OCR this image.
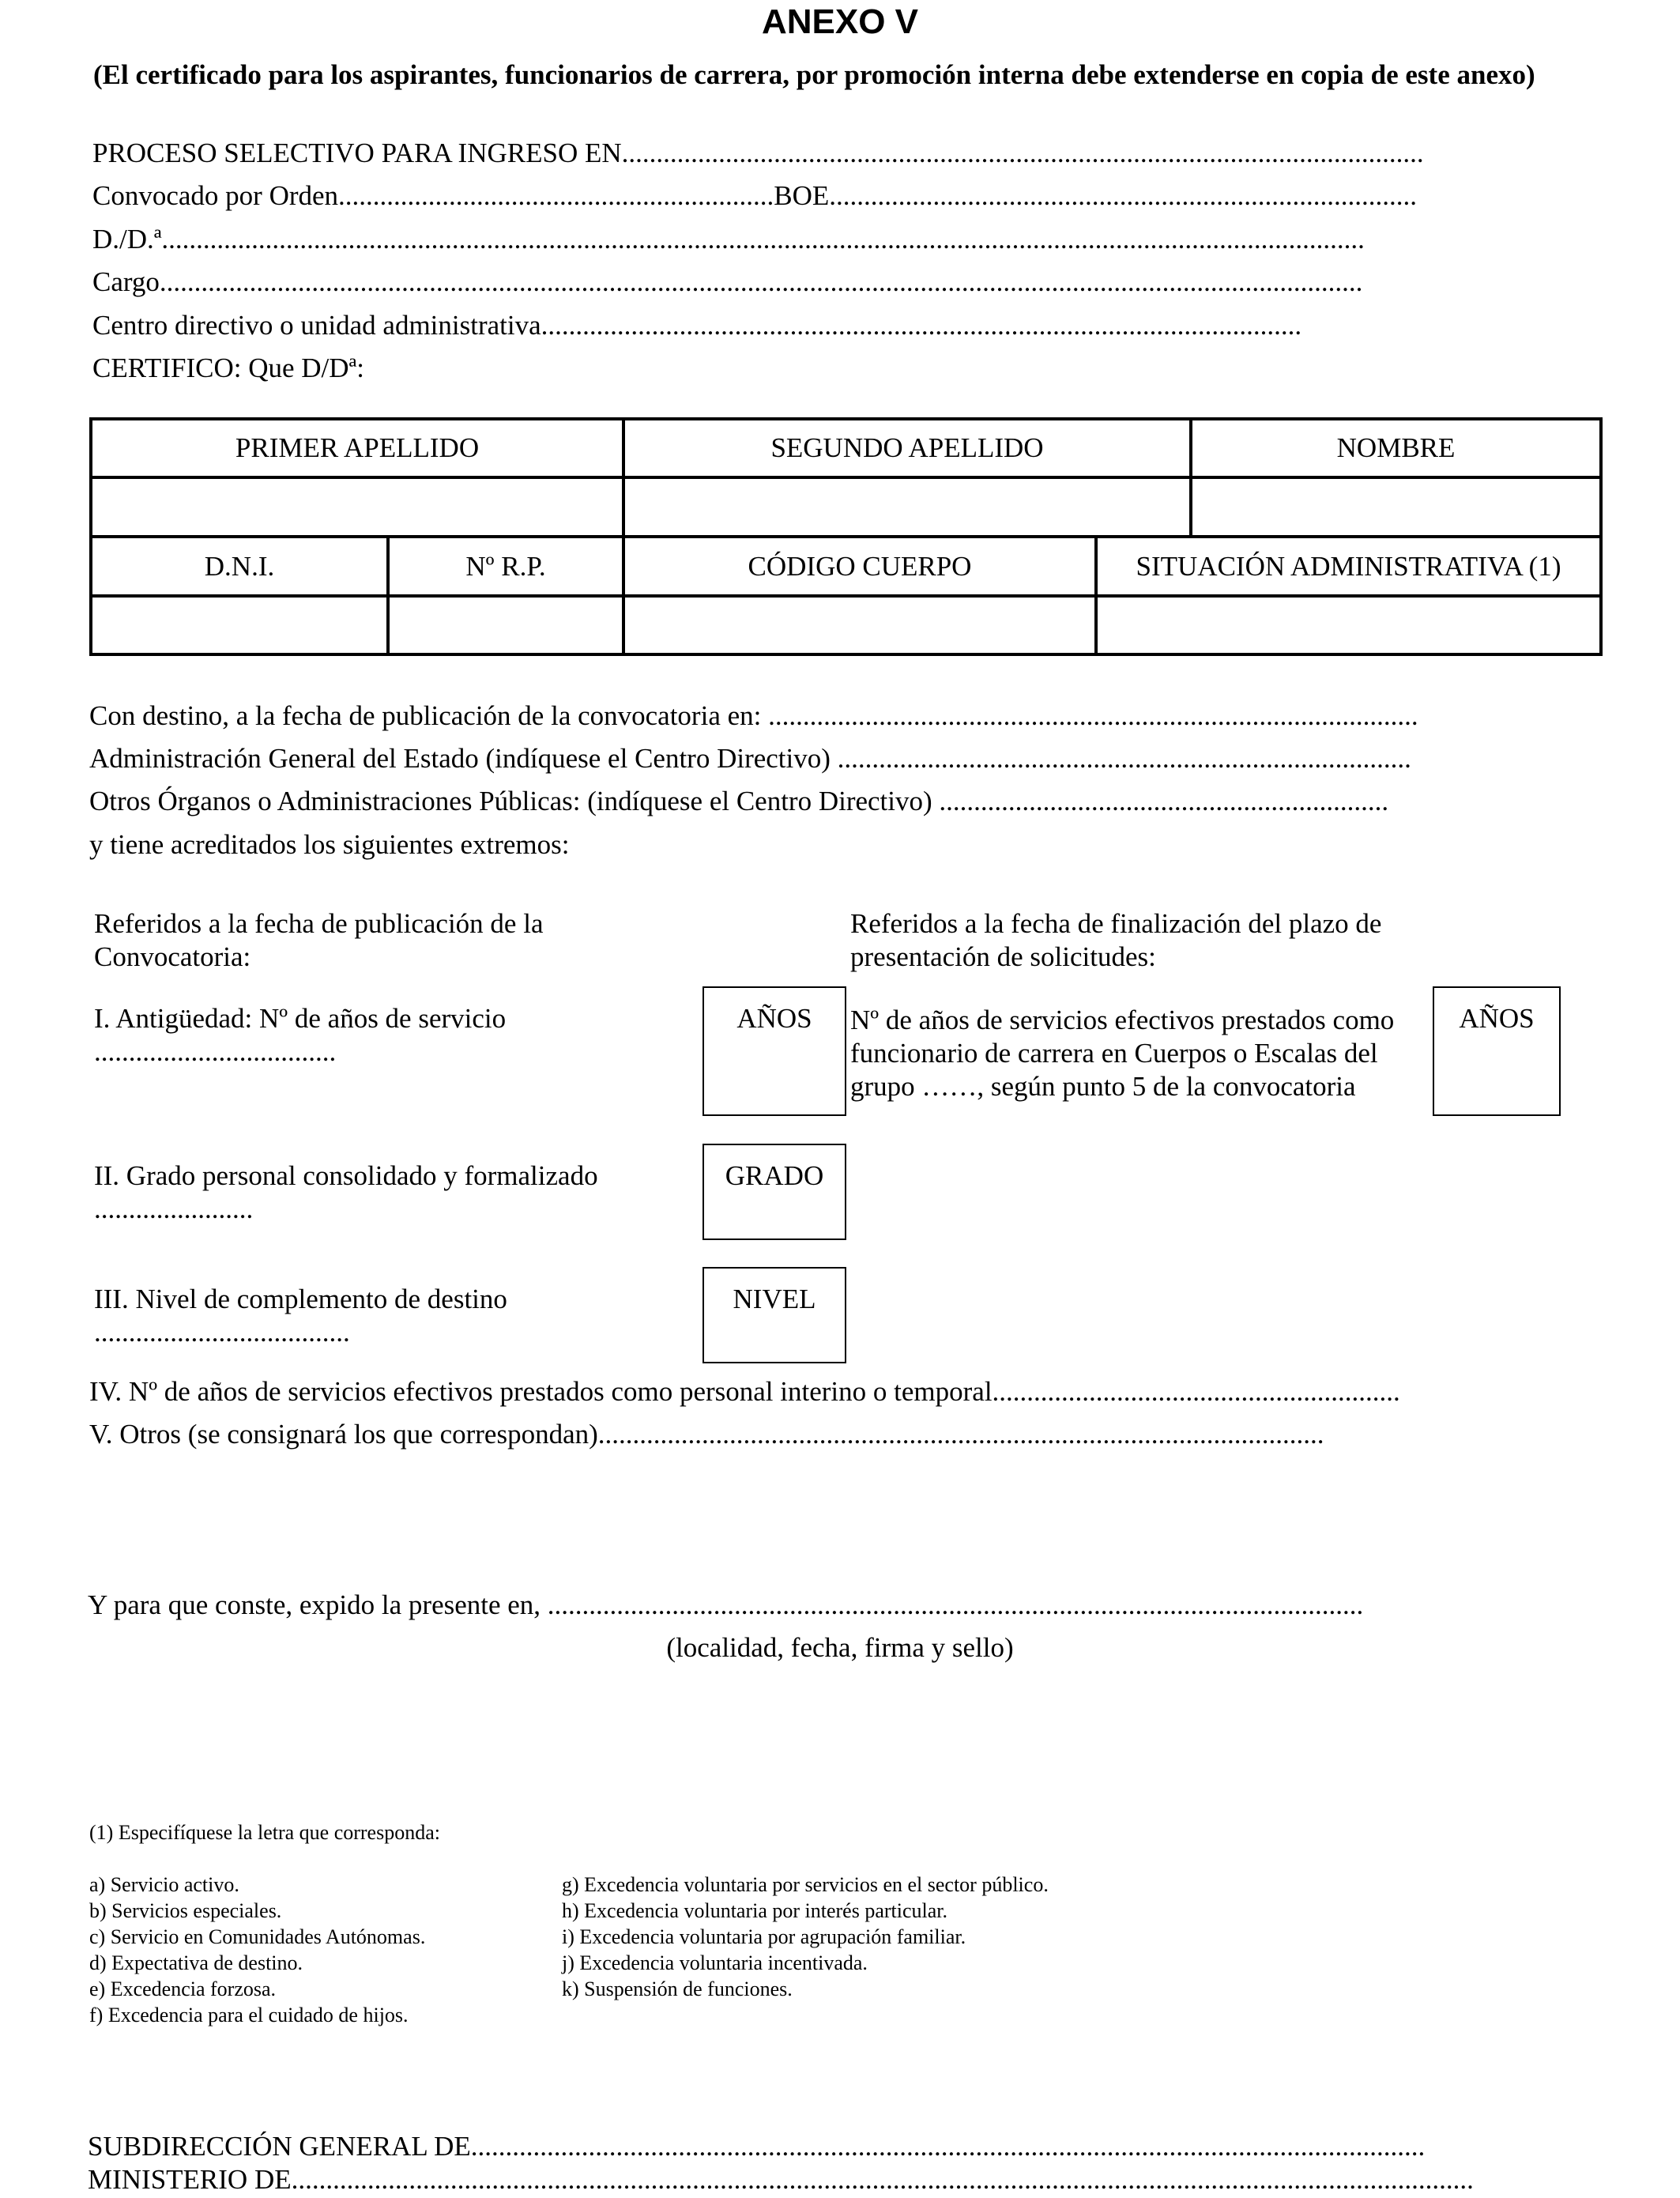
ANEXO V
(El certificado para los aspirantes, funcionarios de carrera, por promoción interna debe extenderse en copia de este anexo)
PROCESO SELECTIVO PARA INGRESO EN....................................................................................................................
Convocado por Orden...............................................................BOE.....................................................................................
D./D.ª..............................................................................................................................................................................
Cargo..............................................................................................................................................................................
Centro directivo o unidad administrativa..............................................................................................................
CERTIFICO: Que D/Dª:
PRIMER APELLIDO		SEGUNDO APELLIDO		NOMBRE

D.N.I.	Nº R.P.	CÓDIGO CUERPO	SITUACIÓN ADMINISTRATIVA (1)	

Con destino, a la fecha de publicación de la convocatoria en: ..............................................................................................
Administración General del Estado (indíquese el Centro Directivo) ...................................................................................
Otros Órganos o Administraciones Públicas: (indíquese el Centro Directivo) .................................................................
y tiene acreditados los siguientes extremos:
Referidos a la fecha de publicación de la Convocatoria:
Referidos a la fecha de finalización del plazo de presentación de solicitudes:
I. Antigüedad: Nº de años de servicio
...................................
AÑOS	Nº de años de servicios efectivos prestados como funcionario de carrera en Cuerpos o Escalas del grupo ……, según punto 5 de la convocatoria
AÑOS
II. Grado personal consolidado y formalizado
.......................
GRADO
III. Nivel de complemento de destino
.....................................
NIVEL
IV. Nº de años de servicios efectivos prestados como personal interino o temporal...........................................................
V. Otros (se consignará los que correspondan).........................................................................................................
Y para que conste, expido la presente en, ......................................................................................................................
(localidad, fecha, firma y sello)
(1) Especifíquese la letra que corresponda:
a) Servicio activo.
b) Servicios especiales.
c) Servicio en Comunidades Autónomas.
d) Expectativa de destino.
e) Excedencia forzosa.
f) Excedencia para el cuidado de hijos.
g) Excedencia voluntaria por servicios en el sector público.
h) Excedencia voluntaria por interés particular.
i) Excedencia voluntaria por agrupación familiar.
j) Excedencia voluntaria incentivada.
k) Suspensión de funciones.
SUBDIRECCIÓN GENERAL DE..........................................................................................................................................
MINISTERIO DE...........................................................................................................................................................................
